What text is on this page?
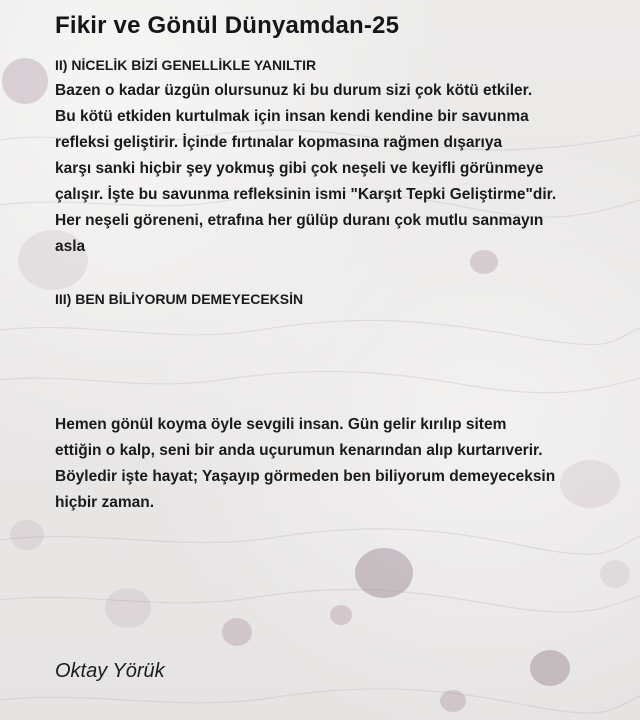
Fikir ve Gönül Dünyamdan-25
II) NİCELİK BİZİ GENELLİKLE YANILTIR
Bazen o kadar üzgün olursunuz ki bu durum sizi çok kötü etkiler.
Bu kötü etkiden kurtulmak için insan kendi kendine bir savunma
refleksi geliştirir. İçinde fırtınalar kopmasına rağmen dışarıya
karşı sanki hiçbir şey yokmuş gibi çok neşeli ve keyifli görünmeye
çalışır. İşte bu savunma refleksinin ismi "Karşıt Tepki Geliştirme"dir.
Her neşeli göreneni, etrafına her gülüp duranı çok mutlu sanmayın
asla
III) BEN BİLİYORUM DEMEYECEKSİN
Hemen gönül koyma öyle sevgili insan. Gün gelir kırılıp sitem
ettiğin o kalp, seni bir anda uçurumun kenarından alıp kurtarıverir.
Böyledir işte hayat; Yaşayıp görmeden ben biliyorum demeyeceksin
hiçbir zaman.
Oktay Yörük
